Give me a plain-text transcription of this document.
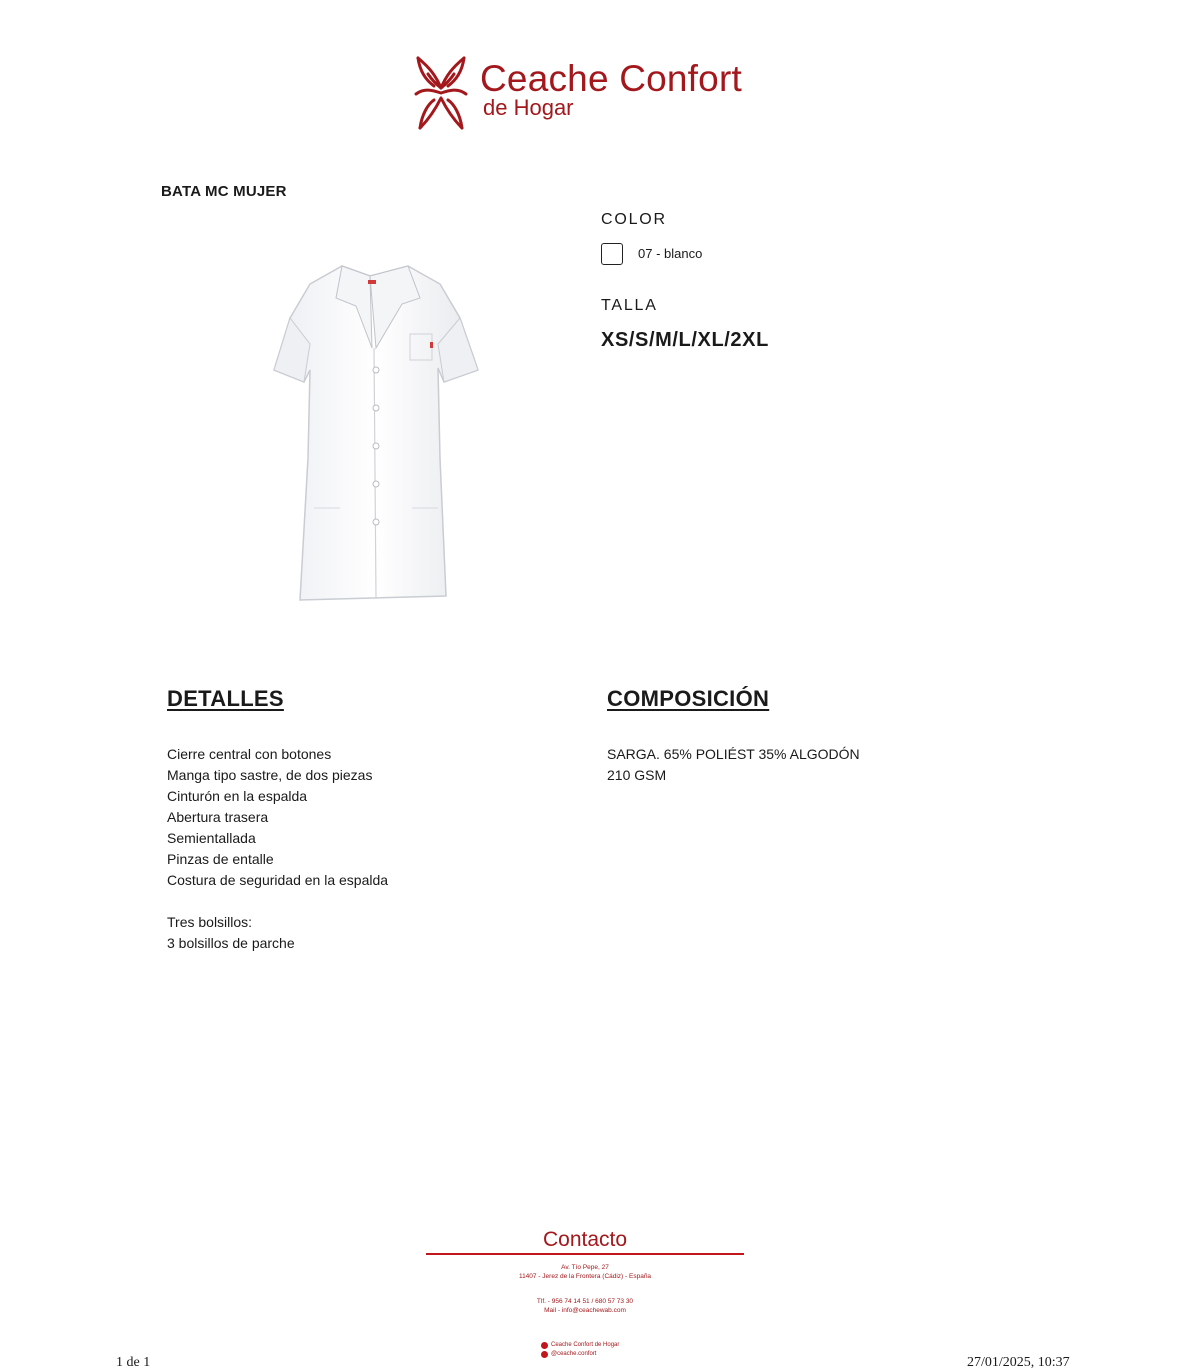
Ceache Confort
de Hogar
BATA MC MUJER
COLOR
07 - blanco
TALLA
XS/S/M/L/XL/2XL
DETALLES
Cierre central con botones
Manga tipo sastre, de dos piezas
Cinturón en la espalda
Abertura trasera
Semientallada
Pinzas de entalle
Costura de seguridad en la espalda
Tres bolsillos:
3 bolsillos de parche
COMPOSICIÓN
SARGA. 65% POLIÉST 35% ALGODÓN
210 GSM
Contacto
Av. Tío Pepe, 27
11407 - Jerez de la Frontera (Cádiz) - España
Tlf. - 956 74 14 51 / 680 57 73 30
Mail - info@ceachewab.com
Ceache Confort de Hogar
@ceache.confort
1 de 1	27/01/2025, 10:37
